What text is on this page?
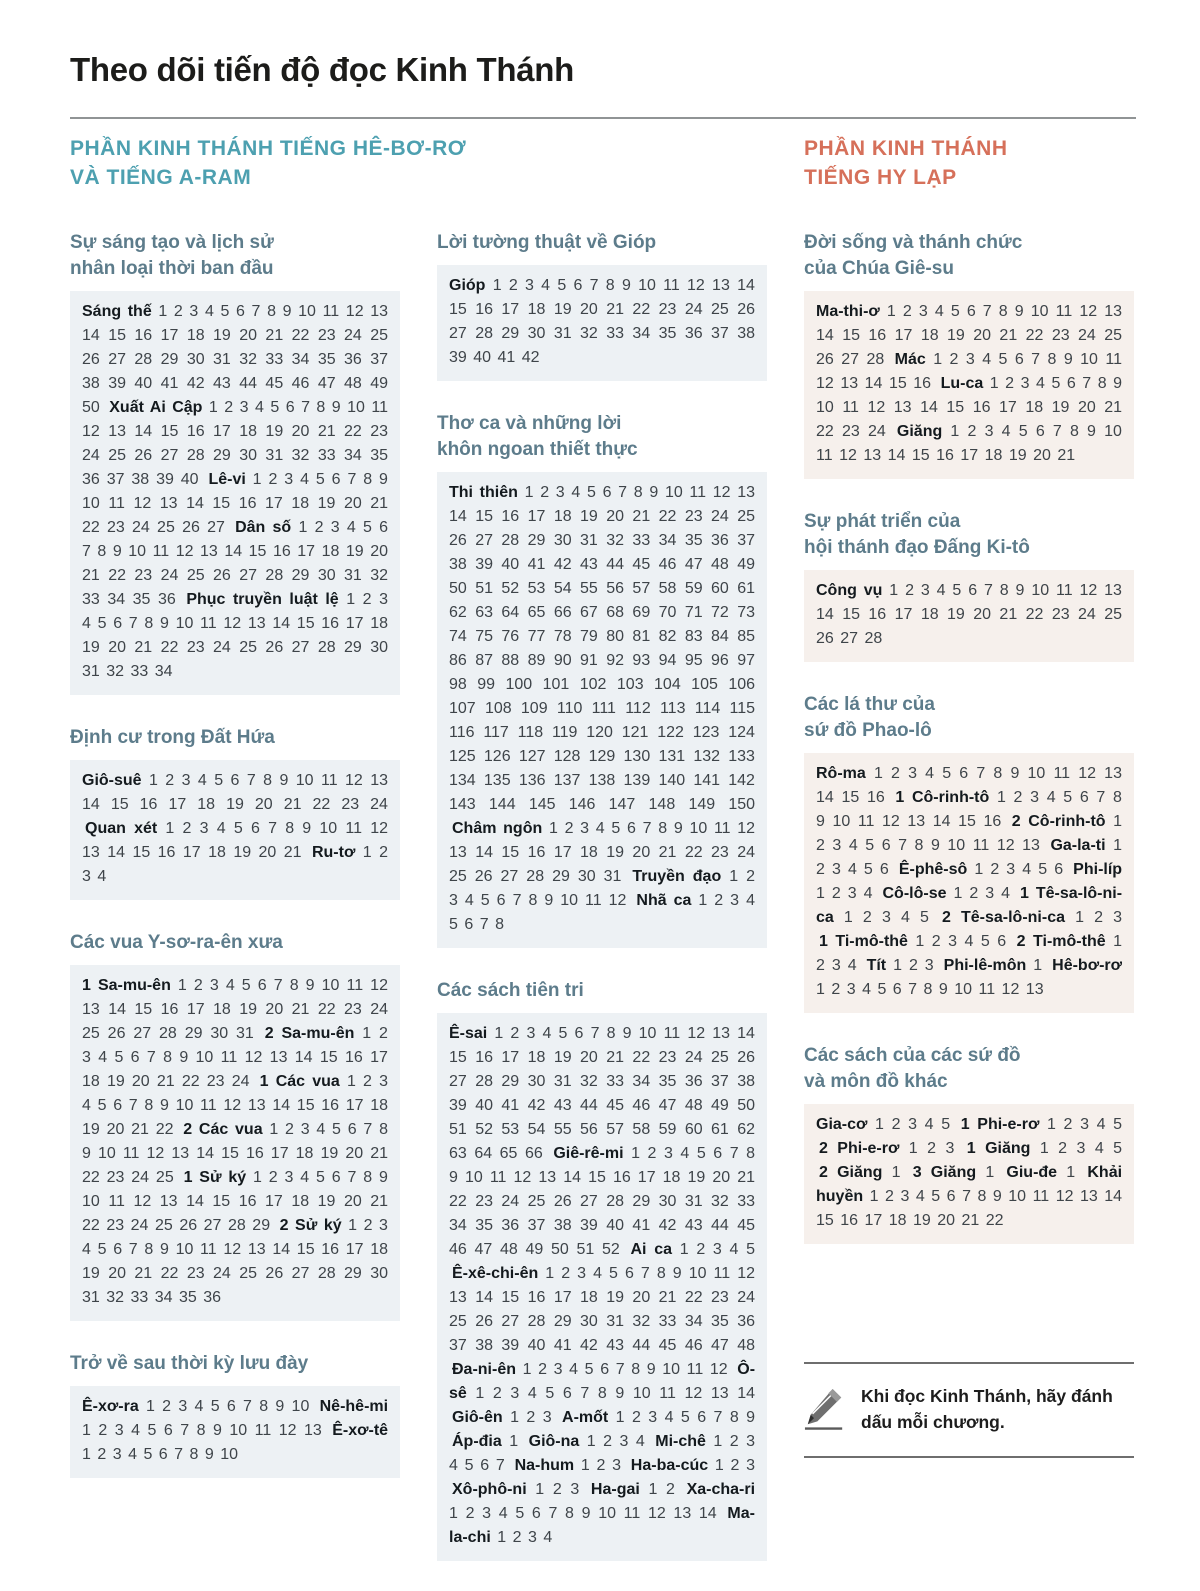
Theo dõi tiến độ đọc Kinh Thánh
PHẦN KINH THÁNH TIẾNG HÊ-BƠ-RƠ
VÀ TIẾNG A-RAM
PHẦN KINH THÁNH
TIẾNG HY LẠP
Sự sáng tạo và lịch sử
nhân loại thời ban đầu
Sáng thế 1 2 3 4 5 6 7 8 9 10 11 12 13 14 15 16 17 18 19 20 21 22 23 24 25 26 27 28 29 30 31 32 33 34 35 36 37 38 39 40 41 42 43 44 45 46 47 48 49 50 Xuất Ai Cập 1 2 3 4 5 6 7 8 9 10 11 12 13 14 15 16 17 18 19 20 21 22 23 24 25 26 27 28 29 30 31 32 33 34 35 36 37 38 39 40 Lê-vi 1 2 3 4 5 6 7 8 9 10 11 12 13 14 15 16 17 18 19 20 21 22 23 24 25 26 27 Dân số 1 2 3 4 5 6 7 8 9 10 11 12 13 14 15 16 17 18 19 20 21 22 23 24 25 26 27 28 29 30 31 32 33 34 35 36 Phục truyền luật lệ 1 2 3 4 5 6 7 8 9 10 11 12 13 14 15 16 17 18 19 20 21 22 23 24 25 26 27 28 29 30 31 32 33 34
Định cư trong Đất Hứa
Giô-suê 1 2 3 4 5 6 7 8 9 10 11 12 13 14 15 16 17 18 19 20 21 22 23 24 Quan xét 1 2 3 4 5 6 7 8 9 10 11 12 13 14 15 16 17 18 19 20 21 Ru-tơ 1 2 3 4
Các vua Y-sơ-ra-ên xưa
1 Sa-mu-ên 1 2 3 4 5 6 7 8 9 10 11 12 13 14 15 16 17 18 19 20 21 22 23 24 25 26 27 28 29 30 31 2 Sa-mu-ên 1 2 3 4 5 6 7 8 9 10 11 12 13 14 15 16 17 18 19 20 21 22 23 24 1 Các vua 1 2 3 4 5 6 7 8 9 10 11 12 13 14 15 16 17 18 19 20 21 22 2 Các vua 1 2 3 4 5 6 7 8 9 10 11 12 13 14 15 16 17 18 19 20 21 22 23 24 25 1 Sử ký 1 2 3 4 5 6 7 8 9 10 11 12 13 14 15 16 17 18 19 20 21 22 23 24 25 26 27 28 29 2 Sử ký 1 2 3 4 5 6 7 8 9 10 11 12 13 14 15 16 17 18 19 20 21 22 23 24 25 26 27 28 29 30 31 32 33 34 35 36
Trở về sau thời kỳ lưu đày
Ê-xơ-ra 1 2 3 4 5 6 7 8 9 10 Nê-hê-mi 1 2 3 4 5 6 7 8 9 10 11 12 13 Ê-xơ-tê 1 2 3 4 5 6 7 8 9 10
Lời tường thuật về Gióp
Gióp 1 2 3 4 5 6 7 8 9 10 11 12 13 14 15 16 17 18 19 20 21 22 23 24 25 26 27 28 29 30 31 32 33 34 35 36 37 38 39 40 41 42
Thơ ca và những lời
khôn ngoan thiết thực
Thi thiên 1 2 3 4 5 6 7 8 9 10 11 12 13 14 15 16 17 18 19 20 21 22 23 24 25 26 27 28 29 30 31 32 33 34 35 36 37 38 39 40 41 42 43 44 45 46 47 48 49 50 51 52 53 54 55 56 57 58 59 60 61 62 63 64 65 66 67 68 69 70 71 72 73 74 75 76 77 78 79 80 81 82 83 84 85 86 87 88 89 90 91 92 93 94 95 96 97 98 99 100 101 102 103 104 105 106 107 108 109 110 111 112 113 114 115 116 117 118 119 120 121 122 123 124 125 126 127 128 129 130 131 132 133 134 135 136 137 138 139 140 141 142 143 144 145 146 147 148 149 150 Châm ngôn 1 2 3 4 5 6 7 8 9 10 11 12 13 14 15 16 17 18 19 20 21 22 23 24 25 26 27 28 29 30 31 Truyền đạo 1 2 3 4 5 6 7 8 9 10 11 12 Nhã ca 1 2 3 4 5 6 7 8
Các sách tiên tri
Ê-sai 1 2 3 4 5 6 7 8 9 10 11 12 13 14 15 16 17 18 19 20 21 22 23 24 25 26 27 28 29 30 31 32 33 34 35 36 37 38 39 40 41 42 43 44 45 46 47 48 49 50 51 52 53 54 55 56 57 58 59 60 61 62 63 64 65 66 Giê-rê-mi 1 2 3 4 5 6 7 8 9 10 11 12 13 14 15 16 17 18 19 20 21 22 23 24 25 26 27 28 29 30 31 32 33 34 35 36 37 38 39 40 41 42 43 44 45 46 47 48 49 50 51 52 Ai ca 1 2 3 4 5 Ê-xê-chi-ên 1 2 3 4 5 6 7 8 9 10 11 12 13 14 15 16 17 18 19 20 21 22 23 24 25 26 27 28 29 30 31 32 33 34 35 36 37 38 39 40 41 42 43 44 45 46 47 48 Đa-ni-ên 1 2 3 4 5 6 7 8 9 10 11 12 Ô-sê 1 2 3 4 5 6 7 8 9 10 11 12 13 14 Giô-ên 1 2 3 A-mốt 1 2 3 4 5 6 7 8 9 Áp-đia 1 Giô-na 1 2 3 4 Mi-chê 1 2 3 4 5 6 7 Na-hum 1 2 3 Ha-ba-cúc 1 2 3 Xô-phô-ni 1 2 3 Ha-gai 1 2 Xa-cha-ri 1 2 3 4 5 6 7 8 9 10 11 12 13 14 Ma-la-chi 1 2 3 4
Đời sống và thánh chức
của Chúa Giê-su
Ma-thi-ơ 1 2 3 4 5 6 7 8 9 10 11 12 13 14 15 16 17 18 19 20 21 22 23 24 25 26 27 28 Mác 1 2 3 4 5 6 7 8 9 10 11 12 13 14 15 16 Lu-ca 1 2 3 4 5 6 7 8 9 10 11 12 13 14 15 16 17 18 19 20 21 22 23 24 Giăng 1 2 3 4 5 6 7 8 9 10 11 12 13 14 15 16 17 18 19 20 21
Sự phát triển của
hội thánh đạo Đấng Ki-tô
Công vụ 1 2 3 4 5 6 7 8 9 10 11 12 13 14 15 16 17 18 19 20 21 22 23 24 25 26 27 28
Các lá thư của
sứ đồ Phao-lô
Rô-ma 1 2 3 4 5 6 7 8 9 10 11 12 13 14 15 16 1 Cô-rinh-tô 1 2 3 4 5 6 7 8 9 10 11 12 13 14 15 16 2 Cô-rinh-tô 1 2 3 4 5 6 7 8 9 10 11 12 13 Ga-la-ti 1 2 3 4 5 6 Ê-phê-sô 1 2 3 4 5 6 Phi-líp 1 2 3 4 Cô-lô-se 1 2 3 4 1 Tê-sa-lô-ni-ca 1 2 3 4 5 2 Tê-sa-lô-ni-ca 1 2 3 1 Ti-mô-thê 1 2 3 4 5 6 2 Ti-mô-thê 1 2 3 4 Tít 1 2 3 Phi-lê-môn 1 Hê-bơ-rơ 1 2 3 4 5 6 7 8 9 10 11 12 13
Các sách của các sứ đồ
và môn đồ khác
Gia-cơ 1 2 3 4 5 1 Phi-e-rơ 1 2 3 4 5 2 Phi-e-rơ 1 2 3 1 Giăng 1 2 3 4 5 2 Giăng 1 3 Giăng 1 Giu-đe 1 Khải huyền 1 2 3 4 5 6 7 8 9 10 11 12 13 14 15 16 17 18 19 20 21 22

Khi đọc Kinh Thánh, hãy đánh dấu mỗi chương.
